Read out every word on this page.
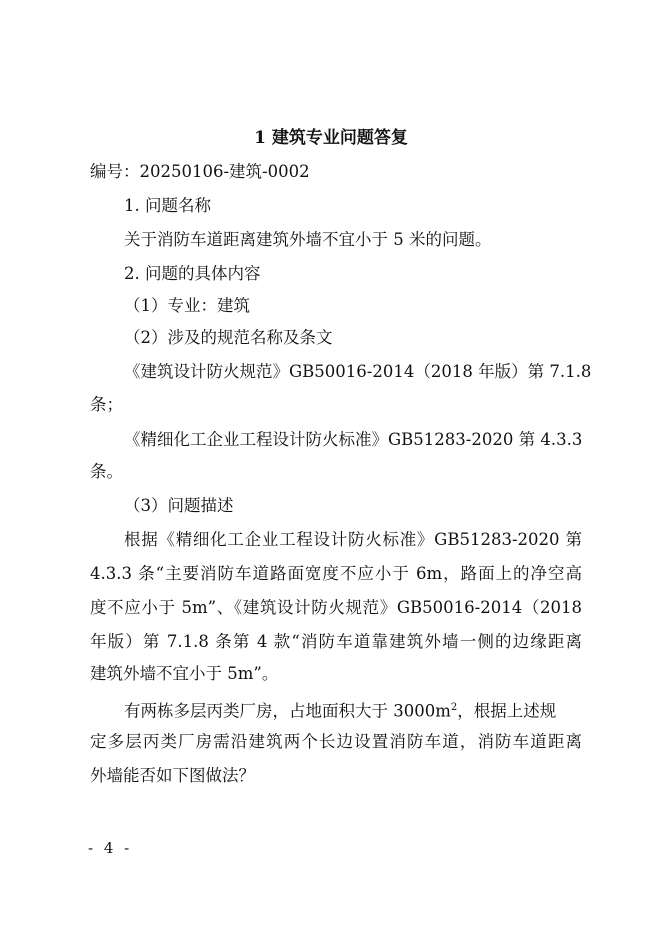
1 建筑专业问题答复
编号：20250106-建筑-0002
1. 问题名称
关于消防车道距离建筑外墙不宜小于 5 米的问题。
2. 问题的具体内容
（1）专业：建筑
（2）涉及的规范名称及条文
《建筑设计防火规范》GB50016-2014（2018 年版）第 7.1.8
条；
《精细化工企业工程设计防火标准》GB51283-2020 第 4.3.3
条。
（3）问题描述
根据《精细化工企业工程设计防火标准》GB51283-2020 第
4.3.3 条“主要消防车道路面宽度不应小于 6m，路面上的净空高
度不应小于 5m”、《建筑设计防火规范》GB50016-2014（2018
年版）第 7.1.8 条第 4 款“消防车道靠建筑外墙一侧的边缘距离
建筑外墙不宜小于 5m”。
有两栋多层丙类厂房，占地面积大于 $3000m^2$，根据上述规
定多层丙类厂房需沿建筑两个长边设置消防车道，消防车道距离
外墙能否如下图做法？
- 4 -
